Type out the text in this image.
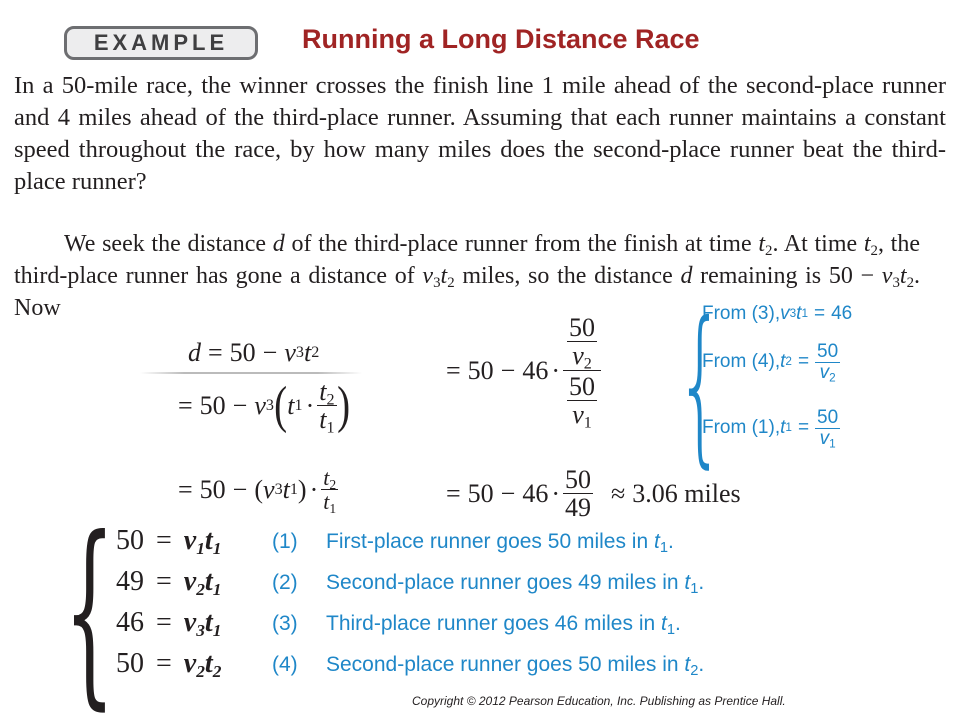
EXAMPLE	Running a Long Distance Race
In a 50-mile race, the winner crosses the finish line 1 mile ahead of the second-place runner and 4 miles ahead of the third-place runner. Assuming that each runner maintains a constant speed throughout the race, by how many miles does the second-place runner beat the third-place runner?
We seek the distance d of the third-place runner from the finish at time $t_2$. At time $t_2$, the third-place runner has gone a distance of $v_3t_2$ miles, so the distance d remaining is $50 - v_3t_2$. Now
d = 50 − v 3 t 2
= 50 − v 3 ( t $1 \cdot \frac{t_2}{t_1}$ )
= 50 − ( v 3 t 1 ) · $\frac{t_2}{t_1}$
= $50 - 46 \cdot \frac{\frac{50}{v_2}}{\frac{50}{v_1}}$
= $50 - 46 \cdot \frac{50}{49} \approx 3.06$ miles
{
From (3), v 3 t 1 = 46
From (4), t $2 = \frac{50}{v_2}$
From (1), t $1 = \frac{50}{v_1}$
{ $50 = v_1t_1$ (1) First-place runner goes 50 miles in $t_1$.
$49 = v_2t_1$ (2) Second-place runner goes 49 miles in $t_1$.
$46 = v_3t_1$ (3) Third-place runner goes 46 miles in $t_1$.
$50 = v_2t_2$ (4) Second-place runner goes 50 miles in $t_2$.
Copyright © 2012 Pearson Education, Inc. Publishing as Prentice Hall.
